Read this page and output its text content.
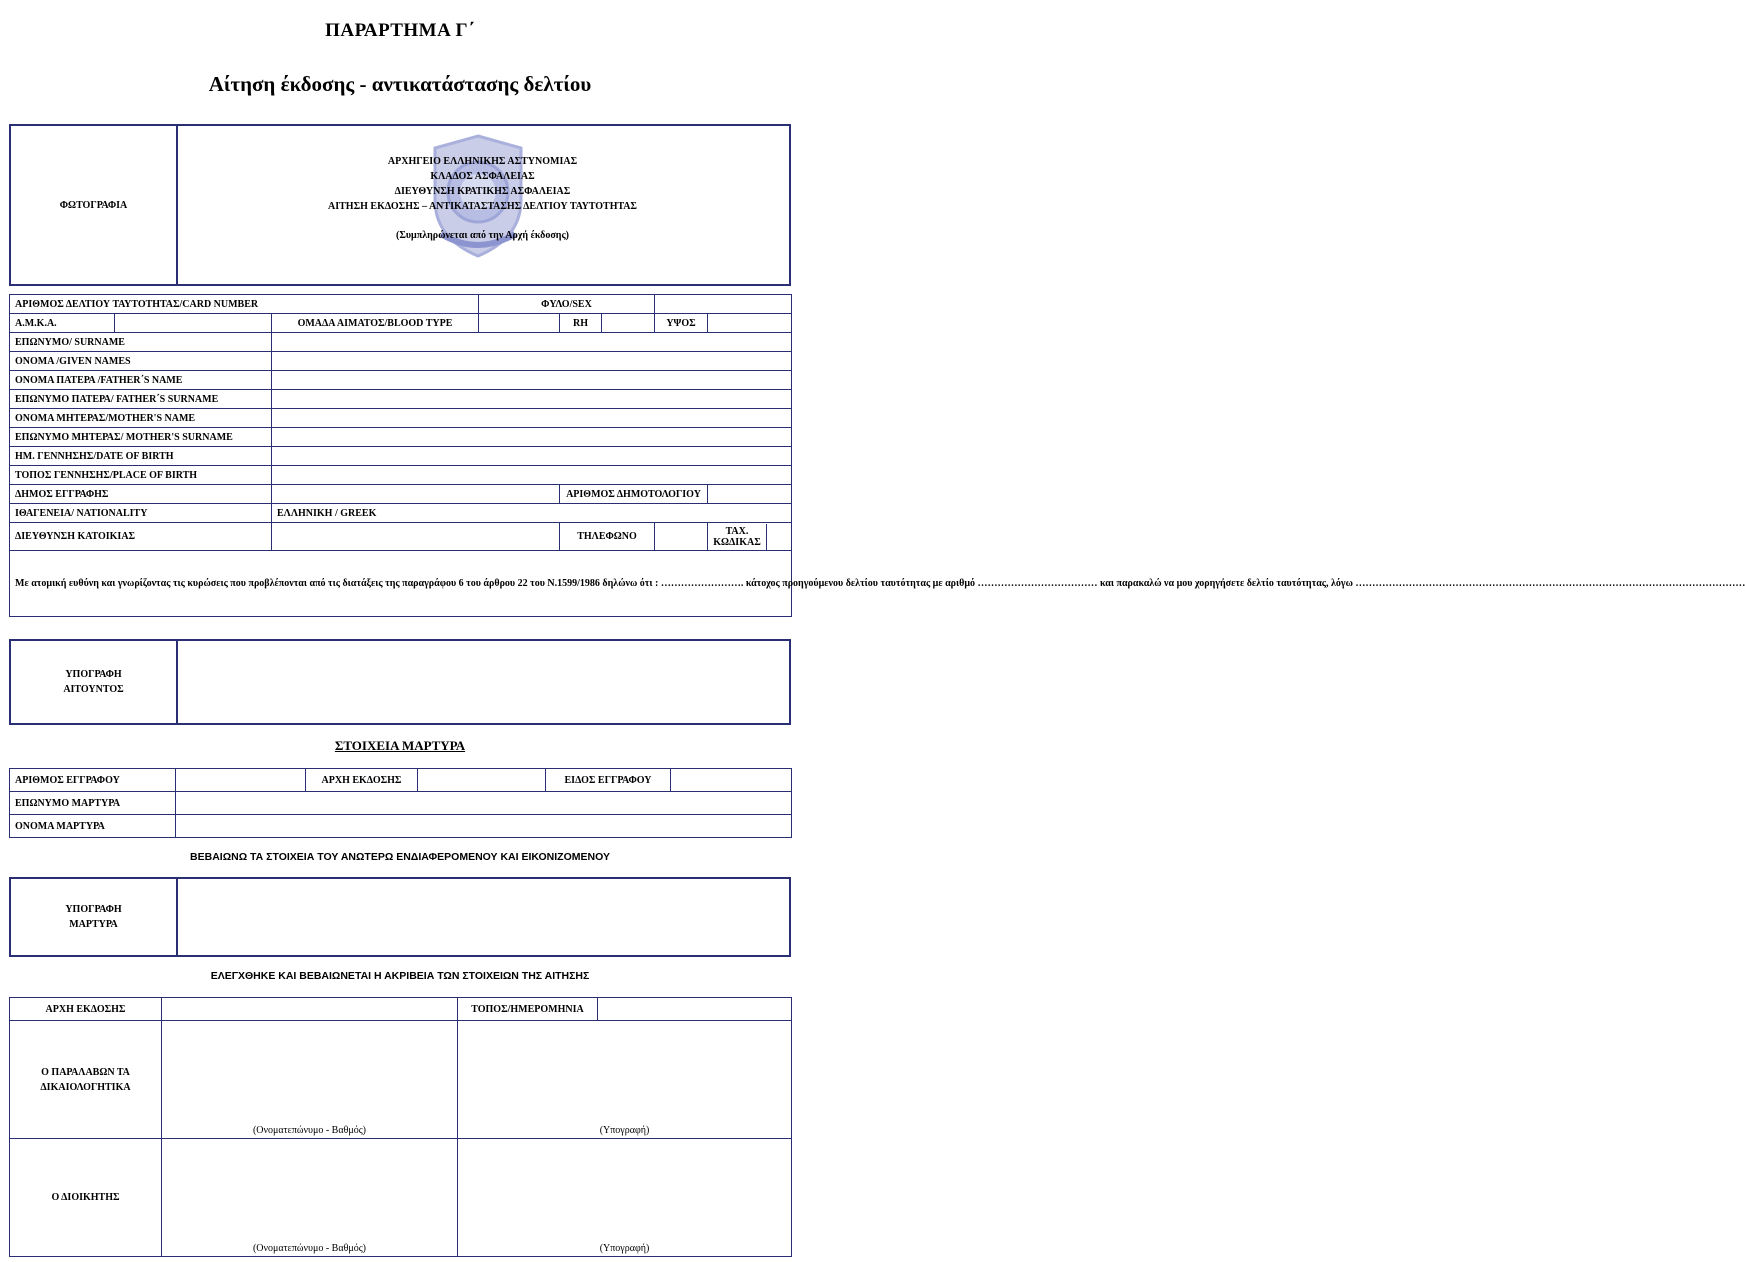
ΠΑΡΑΡΤΗΜΑ Γ΄
Αίτηση έκδοσης - αντικατάστασης δελτίου
ΦΩΤΟΓΡΑΦΙΑ
ΑΡΧΗΓΕΙΟ ΕΛΛΗΝΙΚΗΣ ΑΣΤΥΝΟΜΙΑΣ
ΚΛΑΔΟΣ ΑΣΦΑΛΕΙΑΣ
ΔΙΕΥΘΥΝΣΗ ΚΡΑΤΙΚΗΣ ΑΣΦΑΛΕΙΑΣ
ΑΙΤΗΣΗ ΕΚΔΟΣΗΣ – ΑΝΤΙΚΑΤΑΣΤΑΣΗΣ ΔΕΛΤΙΟΥ ΤΑΥΤΟΤΗΤΑΣ
(Συμπληρώνεται από την Αρχή έκδοσης)
ΑΡΙΘΜΟΣ ΔΕΛΤΙΟΥ ΤΑΥΤΟΤΗΤΑΣ/CARD NUMBER			ΦΥΛΟ/SEX				
Α.Μ.Κ.Α.		ΟΜΑΔΑ ΑΙΜΑΤΟΣ/BLOOD TYPE		RH		ΥΨΟΣ	
ΕΠΩΝΥΜΟ/ SURNAME							
ΟΝΟΜΑ /GIVEN NAMES							
ΟΝΟΜΑ ΠΑΤΕΡΑ /FATHER΄S NAME							
ΕΠΩΝΥΜΟ ΠΑΤΕΡΑ/ FATHER΄S SURNAME							
ΟΝΟΜΑ ΜΗΤΕΡΑΣ/MOTHER'S NAME							
ΕΠΩΝΥΜΟ ΜΗΤΕΡΑΣ/ MOTHER'S SURNAME							
ΗΜ. ΓΕΝΝΗΣΗΣ/DATE OF BIRTH							
ΤΟΠΟΣ ΓΕΝΝΗΣΗΣ/PLACE OF BIRTH							
ΔΗΜΟΣ ΕΓΓΡΑΦΗΣ				ΑΡΙΘΜΟΣ ΔΗΜΟΤΟΛΟΓΙΟΥ			
ΙΘΑΓΕΝΕΙΑ/ NATIONALITY		ΕΛΛΗΝΙΚΗ / GREEK					
ΔΙΕΥΘΥΝΣΗ ΚΑΤΟΙΚΙΑΣ				ΤΗΛΕΦΩΝΟ			ΤΑΧ. ΚΩΔΙΚΑΣ

Με ατομική ευθύνη και γνωρίζοντας τις κυρώσεις που προβλέπονται από τις διατάξεις της παραγράφου 6 του άρθρου 22 του Ν.1599/1986 δηλώνω ότι : ……………………. κάτοχος προηγούμενου δελτίου ταυτότητας με αριθμό ……………………………… και παρακαλώ να μου χορηγήσετε δελτίο ταυτότητας, λόγω ………………………………………………………………………………………………………							
ΥΠΟΓΡΑΦΗ ΑΙΤΟΥΝΤΟΣ
ΣΤΟΙΧΕΙΑ ΜΑΡΤΥΡΑ
ΑΡΙΘΜΟΣ ΕΓΓΡΑΦΟΥ		ΑΡΧΗ ΕΚΔΟΣΗΣ		ΕΙΔΟΣ ΕΓΓΡΑΦΟΥ	
ΕΠΩΝΥΜΟ ΜΑΡΤΥΡΑ					
ΟΝΟΜΑ ΜΑΡΤΥΡΑ					
ΒΕΒΑΙΩΝΩ ΤΑ ΣΤΟΙΧΕΙΑ ΤΟΥ ΑΝΩΤΕΡΩ ΕΝΔΙΑΦΕΡΟΜΕΝΟΥ ΚΑΙ ΕΙΚΟΝΙΖΟΜΕΝΟΥ
ΥΠΟΓΡΑΦΗ ΜΑΡΤΥΡΑ
ΕΛΕΓΧΘΗΚΕ ΚΑΙ ΒΕΒΑΙΩΝΕΤΑΙ Η ΑΚΡΙΒΕΙΑ ΤΩΝ ΣΤΟΙΧΕΙΩΝ ΤΗΣ ΑΙΤΗΣΗΣ
ΑΡΧΗ ΕΚΔΟΣΗΣ		ΤΟΠΟΣ/ΗΜΕΡΟΜΗΝΙΑ	
Ο ΠΑΡΑΛΑΒΩΝ ΤΑ ΔΙΚΑΙΟΛΟΓΗΤΙΚΑ	(Ονοματεπώνυμο - Βαθμός)	(Υπογραφή)	
Ο ΔΙΟΙΚΗΤΗΣ	(Ονοματεπώνυμο - Βαθμός)	(Υπογραφή)	
